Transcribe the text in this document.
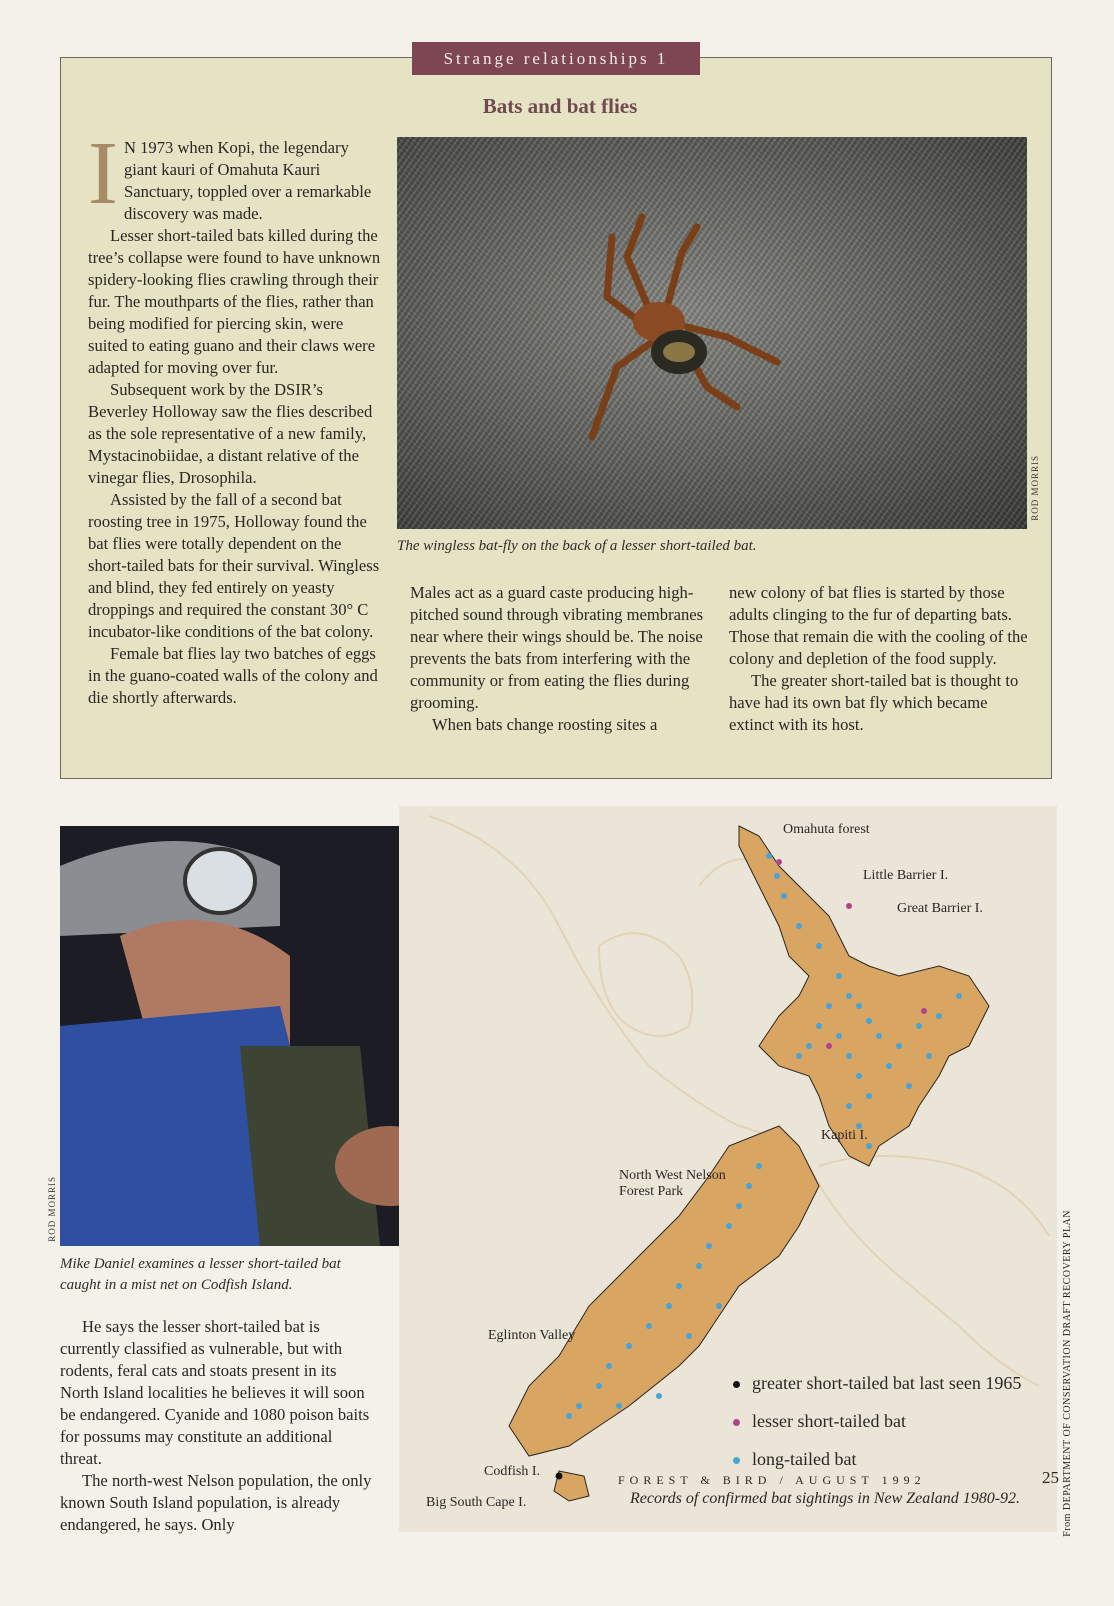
Strange relationships 1
Bats and bat flies

I N 1973 when Kopi, the legendary giant kauri of Omahuta Kauri Sanctuary, toppled over a remarkable discovery was made.

Lesser short-tailed bats killed during the tree’s collapse were found to have unknown spidery-looking flies crawling through their fur. The mouthparts of the flies, rather than being modified for piercing skin, were suited to eating guano and their claws were adapted for moving over fur.

Subsequent work by the DSIR’s Beverley Holloway saw the flies described as the sole representative of a new family, Mystacinobiidae, a distant relative of the vinegar flies, Drosophila.

Assisted by the fall of a second bat roosting tree in 1975, Holloway found the bat flies were totally dependent on the short-tailed bats for their survival. Wingless and blind, they fed entirely on yeasty droppings and required the constant 30° C incubator-like conditions of the bat colony.

Female bat flies lay two batches of eggs in the guano-coated walls of the colony and die shortly afterwards.

ROD MORRIS
The wingless bat-fly on the back of a lesser short-tailed bat.

Males act as a guard caste producing high-pitched sound through vibrating membranes near where their wings should be. The noise prevents the bats from interfering with the community or from eating the flies during grooming.

When bats change roosting sites a

new colony of bat flies is started by those adults clinging to the fur of departing bats. Those that remain die with the cooling of the colony and depletion of the food supply.

The greater short-tailed bat is thought to have had its own bat fly which became extinct with its host.

ROD MORRIS
Mike Daniel examines a lesser short-tailed bat caught in a mist net on Codfish Island.

He says the lesser short-tailed bat is currently classified as vulnerable, but with rodents, feral cats and stoats present in its North Island localities he believes it will soon be endangered. Cyanide and 1080 poison baits for possums may constitute an additional threat.

The north-west Nelson population, the only known South Island population, is already endangered, he says. Only

Omahuta forest
Little Barrier I.
Great Barrier I.
Kapiti I.
North West Nelson
Forest Park
Eglinton Valley
Codfish I.
Big South Cape I.
greater short-tailed bat last seen 1965
lesser short-tailed bat
long-tailed bat
Records of confirmed bat sightings in New Zealand 1980-92.	From DEPARTMENT OF CONSERVATION DRAFT RECOVERY PLAN
FOREST & BIRD / AUGUST 1992	25
